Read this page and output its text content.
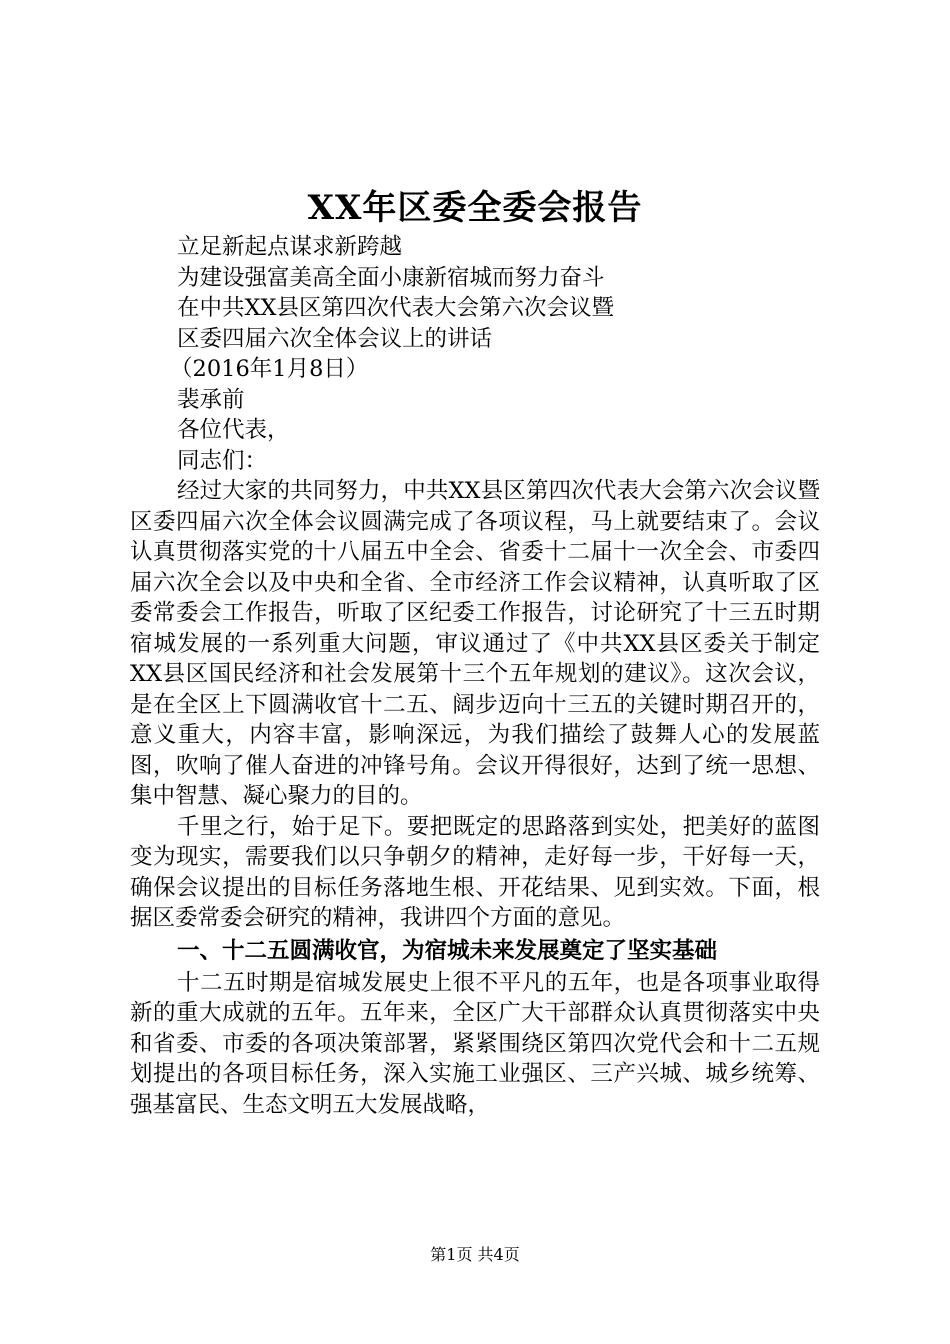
XX年区委全委会报告
立足新起点谋求新跨越
为建设强富美高全面小康新宿城而努力奋斗
在中共XX县区第四次代表大会第六次会议暨
区委四届六次全体会议上的讲话
（2016年1月8日）
裴承前
各位代表，
同志们：

经过大家的共同努力，中共XX县区第四次代表大会第六次会议暨区委四届六次全体会议圆满完成了各项议程，马上就要结束了。会议认真贯彻落实党的十八届五中全会、省委十二届十一次全会、市委四届六次全会以及中央和全省、全市经济工作会议精神，认真听取了区委常委会工作报告，听取了区纪委工作报告，讨论研究了十三五时期宿城发展的一系列重大问题，审议通过了《中共XX县区委关于制定XX县区国民经济和社会发展第十三个五年规划的建议》。这次会议，是在全区上下圆满收官十二五、阔步迈向十三五的关键时期召开的，意义重大，内容丰富，影响深远，为我们描绘了鼓舞人心的发展蓝图，吹响了催人奋进的冲锋号角。会议开得很好，达到了统一思想、集中智慧、凝心聚力的目的。

千里之行，始于足下。要把既定的思路落到实处，把美好的蓝图变为现实，需要我们以只争朝夕的精神，走好每一步，干好每一天，确保会议提出的目标任务落地生根、开花结果、见到实效。下面，根据区委常委会研究的精神，我讲四个方面的意见。

一、十二五圆满收官，为宿城未来发展奠定了坚实基础

十二五时期是宿城发展史上很不平凡的五年，也是各项事业取得新的重大成就的五年。五年来，全区广大干部群众认真贯彻落实中央和省委、市委的各项决策部署，紧紧围绕区第四次党代会和十二五规划提出的各项目标任务，深入实施工业强区、三产兴城、城乡统筹、强基富民、生态文明五大发展战略，

第1页 共4页
